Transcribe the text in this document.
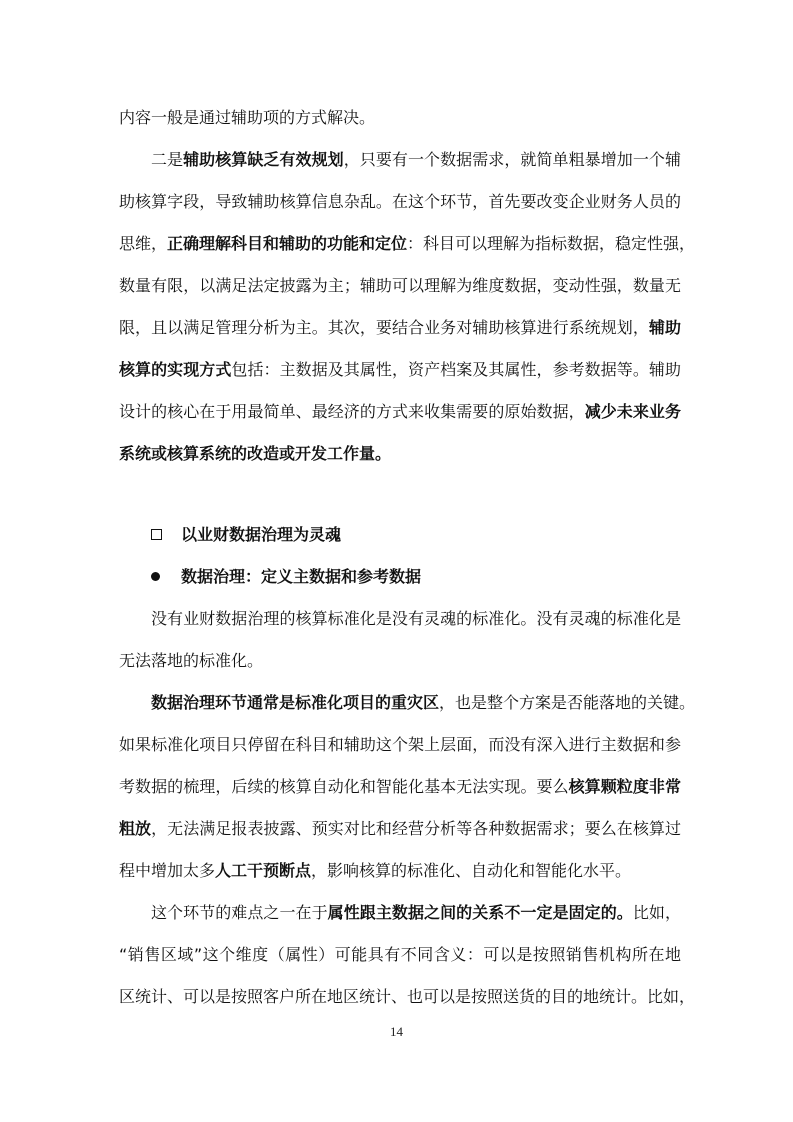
内容一般是通过辅助项的方式解决。
二是辅助核算缺乏有效规划，只要有一个数据需求，就简单粗暴增加一个辅
助核算字段，导致辅助核算信息杂乱。在这个环节，首先要改变企业财务人员的
思维，正确理解科目和辅助的功能和定位：科目可以理解为指标数据，稳定性强，
数量有限，以满足法定披露为主；辅助可以理解为维度数据，变动性强，数量无
限，且以满足管理分析为主。其次，要结合业务对辅助核算进行系统规划，辅助
核算的实现方式包括：主数据及其属性，资产档案及其属性，参考数据等。辅助
设计的核心在于用最简单、最经济的方式来收集需要的原始数据，减少未来业务
系统或核算系统的改造或开发工作量。
以业财数据治理为灵魂
数据治理：定义主数据和参考数据
没有业财数据治理的核算标准化是没有灵魂的标准化。没有灵魂的标准化是
无法落地的标准化。
数据治理环节通常是标准化项目的重灾区，也是整个方案是否能落地的关键。
如果标准化项目只停留在科目和辅助这个架上层面，而没有深入进行主数据和参
考数据的梳理，后续的核算自动化和智能化基本无法实现。要么核算颗粒度非常
粗放，无法满足报表披露、预实对比和经营分析等各种数据需求；要么在核算过
程中增加太多人工干预断点，影响核算的标准化、自动化和智能化水平。
这个环节的难点之一在于属性跟主数据之间的关系不一定是固定的。比如，
“销售区域”这个维度（属性）可能具有不同含义：可以是按照销售机构所在地
区统计、可以是按照客户所在地区统计、也可以是按照送货的目的地统计。比如，
14
